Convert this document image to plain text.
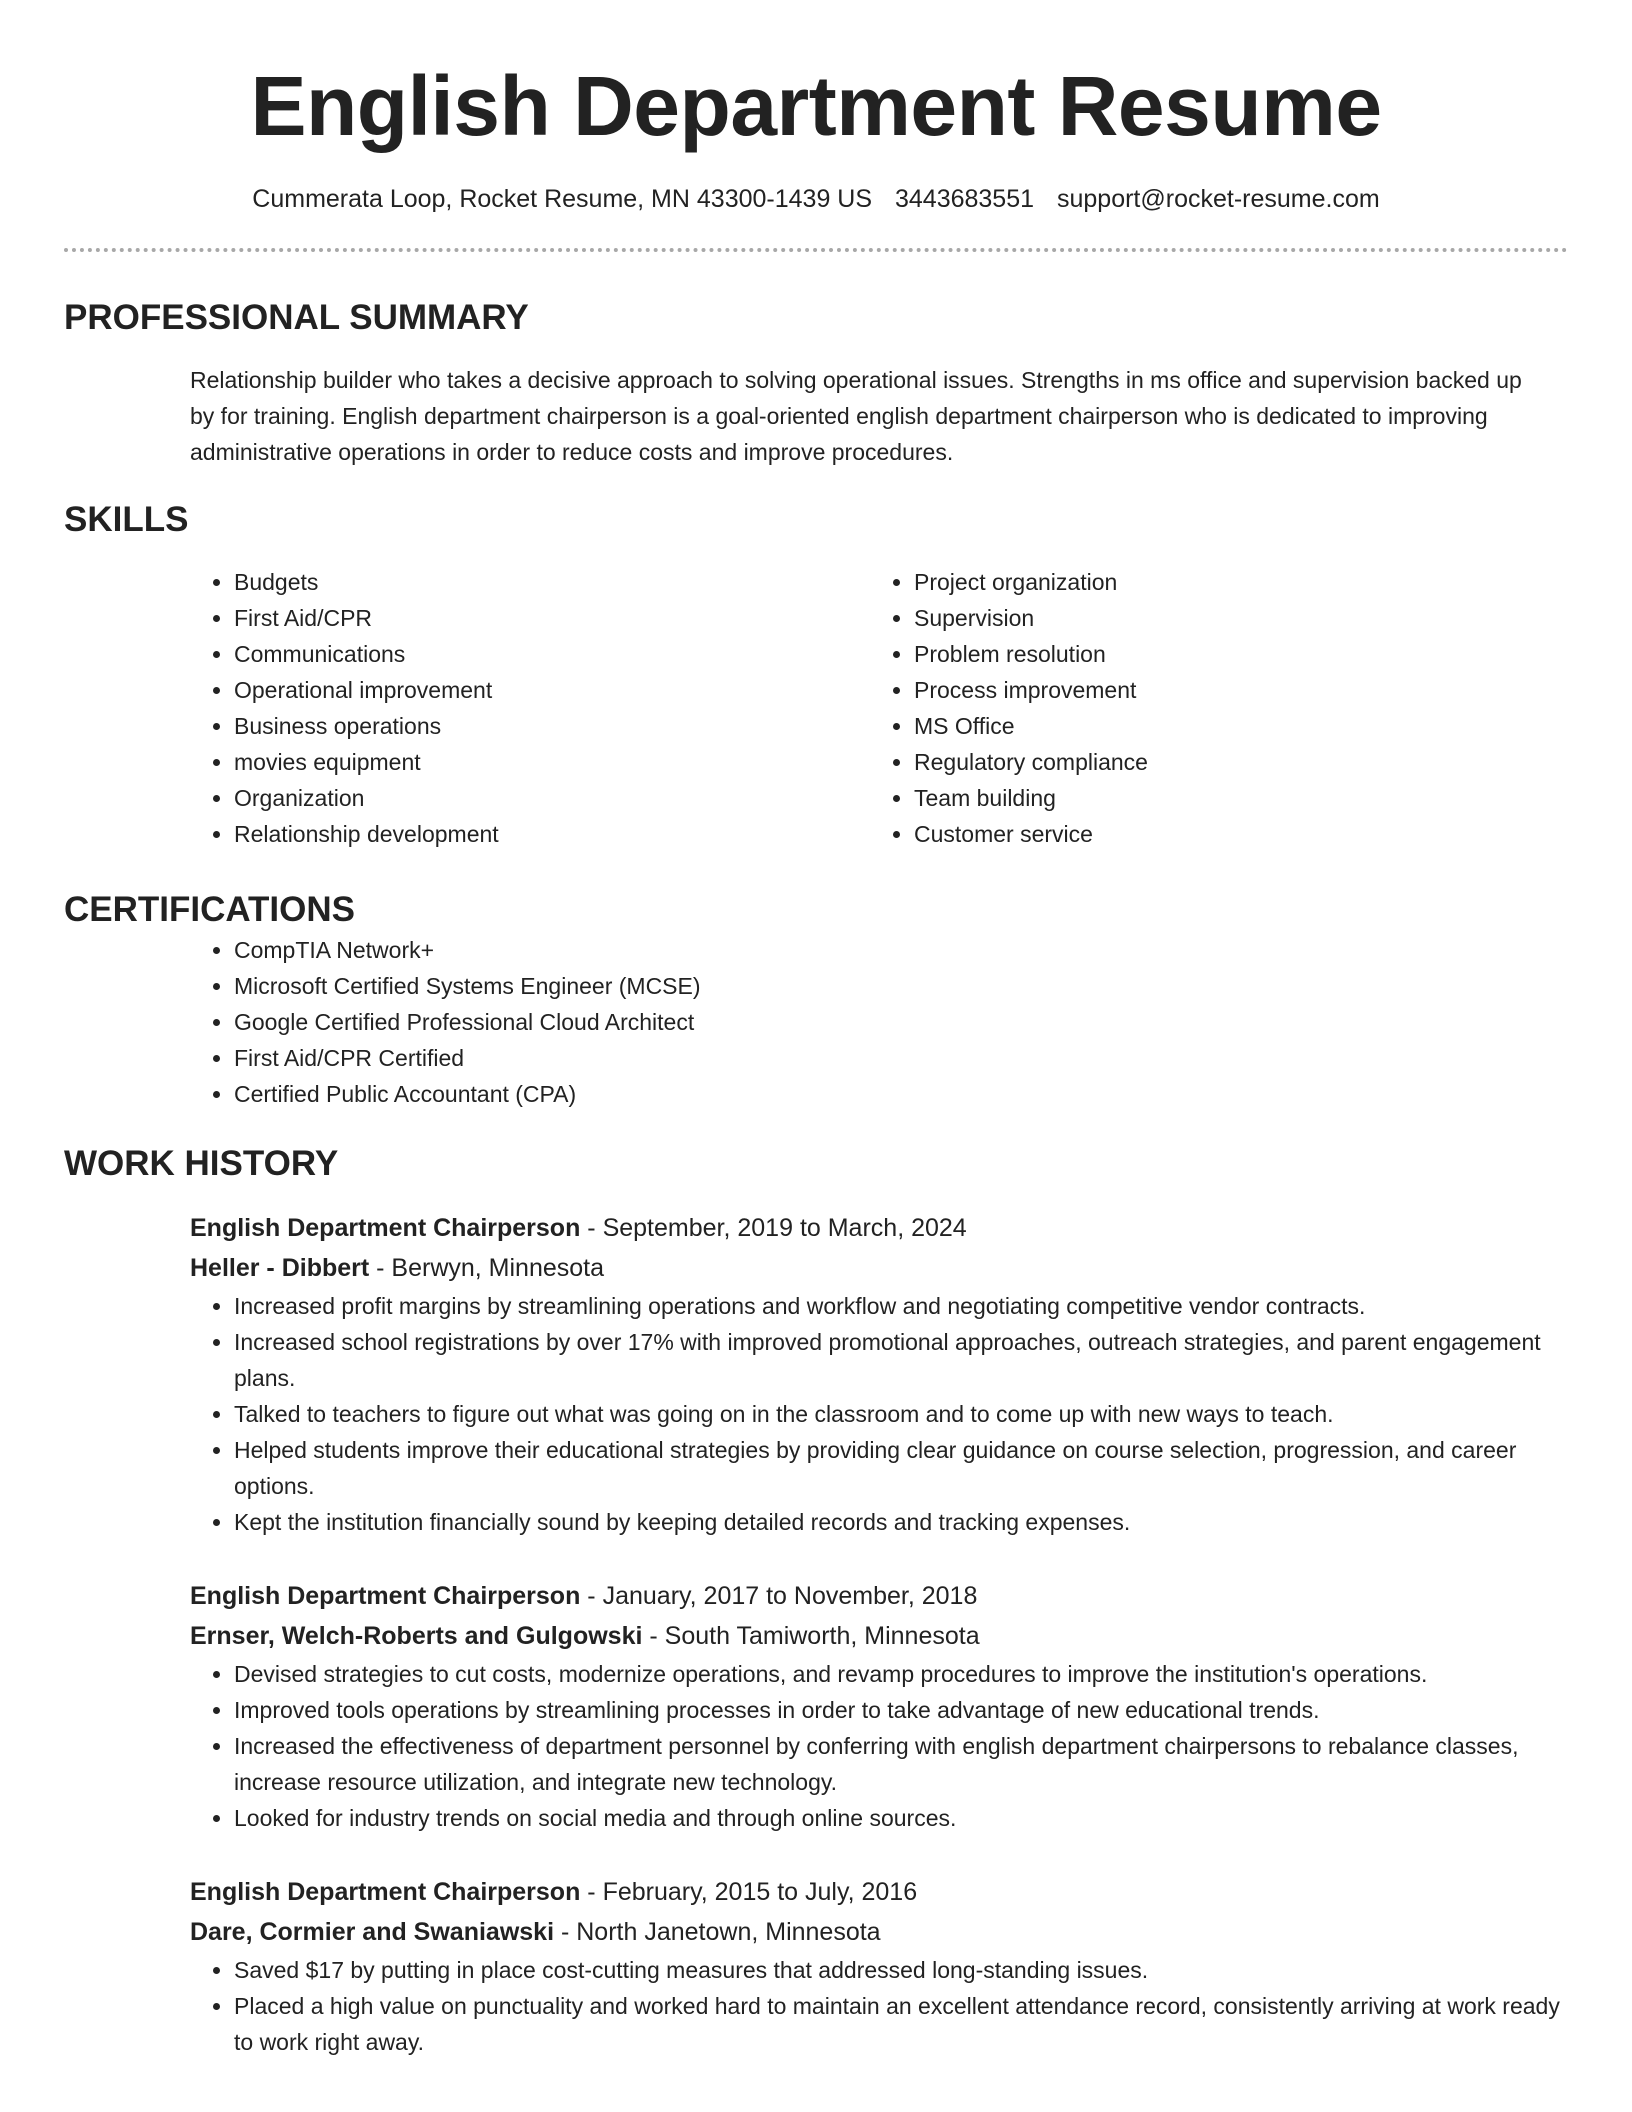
English Department Resume
Cummerata Loop, Rocket Resume, MN 43300-1439 US 3443683551 support@rocket-resume.com
PROFESSIONAL SUMMARY

Relationship builder who takes a decisive approach to solving operational issues. Strengths in ms office and supervision backed up by for training. English department chairperson is a goal-oriented english department chairperson who is dedicated to improving administrative operations in order to reduce costs and improve procedures.

SKILLS
• Budgets
• First Aid/CPR
• Communications
• Operational improvement
• Business operations
• movies equipment
• Organization
• Relationship development
• Project organization
• Supervision
• Problem resolution
• Process improvement
• MS Office
• Regulatory compliance
• Team building
• Customer service
CERTIFICATIONS
• CompTIA Network+
• Microsoft Certified Systems Engineer (MCSE)
• Google Certified Professional Cloud Architect
• First Aid/CPR Certified
• Certified Public Accountant (CPA)
WORK HISTORY
English Department Chairperson - September, 2019 to March, 2024
Heller - Dibbert - Berwyn, Minnesota
• Increased profit margins by streamlining operations and workflow and negotiating competitive vendor contracts.
• Increased school registrations by over 17% with improved promotional approaches, outreach strategies, and parent engagement plans.
• Talked to teachers to figure out what was going on in the classroom and to come up with new ways to teach.
• Helped students improve their educational strategies by providing clear guidance on course selection, progression, and career options.
• Kept the institution financially sound by keeping detailed records and tracking expenses.
English Department Chairperson - January, 2017 to November, 2018
Ernser, Welch-Roberts and Gulgowski - South Tamiworth, Minnesota
• Devised strategies to cut costs, modernize operations, and revamp procedures to improve the institution's operations.
• Improved tools operations by streamlining processes in order to take advantage of new educational trends.
• Increased the effectiveness of department personnel by conferring with english department chairpersons to rebalance classes, increase resource utilization, and integrate new technology.
• Looked for industry trends on social media and through online sources.
English Department Chairperson - February, 2015 to July, 2016
Dare, Cormier and Swaniawski - North Janetown, Minnesota
• Saved $17 by putting in place cost-cutting measures that addressed long-standing issues.
• Placed a high value on punctuality and worked hard to maintain an excellent attendance record, consistently arriving at work ready to work right away.
